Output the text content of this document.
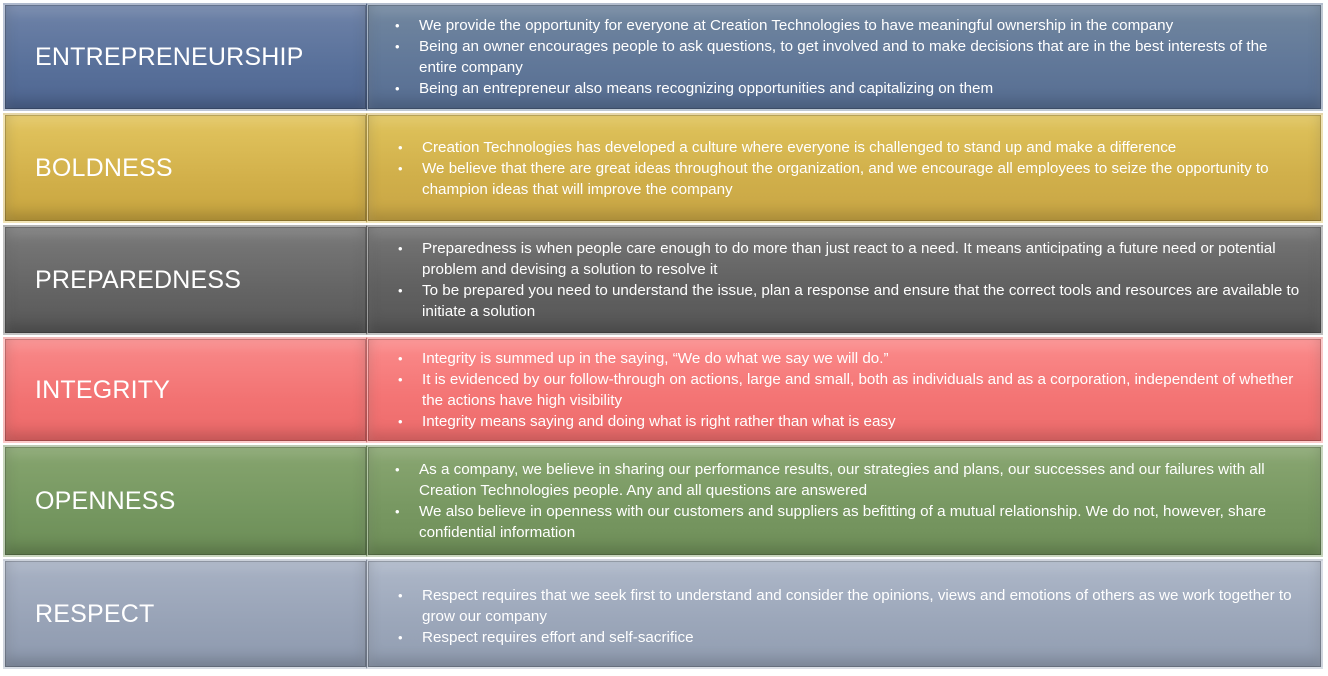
ENTREPRENEURSHIP
•	We provide the opportunity for everyone at Creation Technologies to have meaningful ownership in the company
•	Being an owner encourages people to ask questions, to get involved and to make decisions that are in the best interests of the entire company
•	Being an entrepreneur also means recognizing opportunities and capitalizing on them
BOLDNESS
•	Creation Technologies has developed a culture where everyone is challenged to stand up and make a difference
•	We believe that there are great ideas throughout the organization, and we encourage all employees to seize the opportunity to champion ideas that will improve the company
PREPAREDNESS
•	Preparedness is when people care enough to do more than just react to a need. It means anticipating a future need or potential problem and devising a solution to resolve it
•	To be prepared you need to understand the issue, plan a response and ensure that the correct tools and resources are available to initiate a solution
INTEGRITY
•	Integrity is summed up in the saying, “We do what we say we will do.”
•	It is evidenced by our follow-through on actions, large and small, both as individuals and as a corporation, independent of whether the actions have high visibility
•	Integrity means saying and doing what is right rather than what is easy
OPENNESS
•	As a company, we believe in sharing our performance results, our strategies and plans, our successes and our failures with all Creation Technologies people. Any and all questions are answered
•	We also believe in openness with our customers and suppliers as befitting of a mutual relationship. We do not, however, share confidential information
RESPECT
•	Respect requires that we seek first to understand and consider the opinions, views and emotions of others as we work together to grow our company
•	Respect requires effort and self-sacrifice
